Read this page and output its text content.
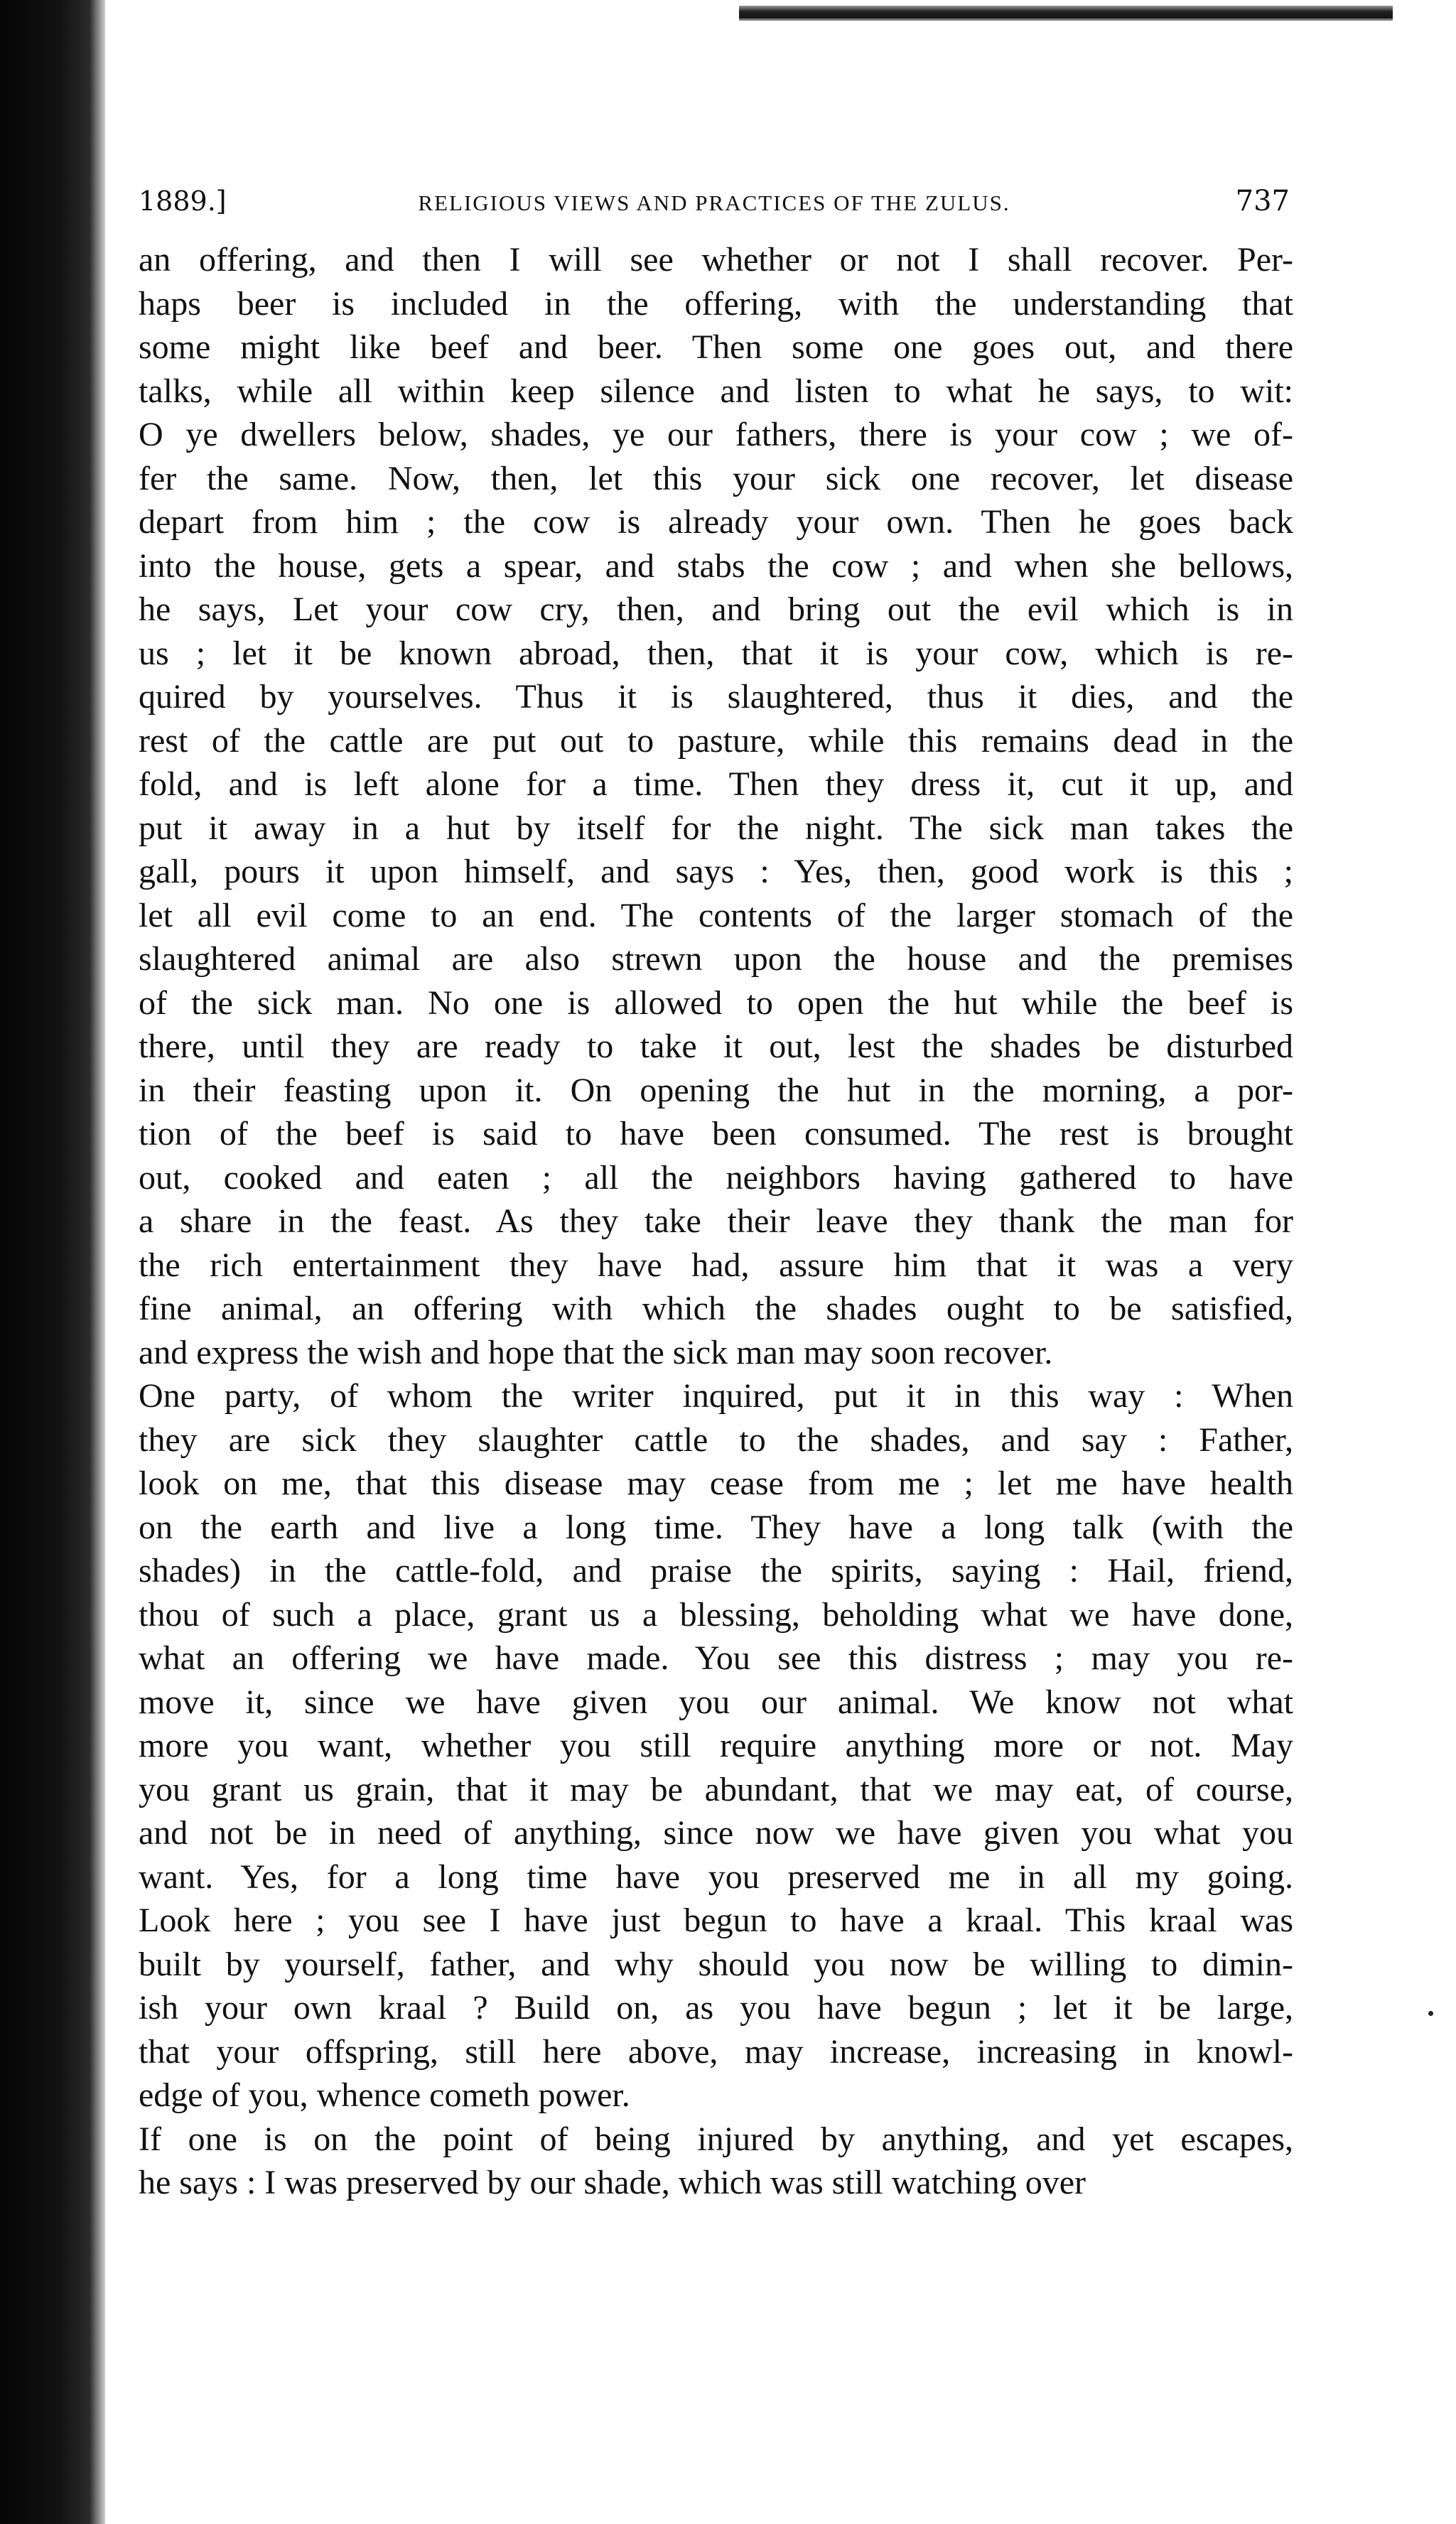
1889.]	RELIGIOUS VIEWS AND PRACTICES OF THE ZULUS.	737
an offering, and then I will see whether or not I shall recover. Per-
haps beer is included in the offering, with the understanding that
some might like beef and beer. Then some one goes out, and there
talks, while all within keep silence and listen to what he says, to wit:
O ye dwellers below, shades, ye our fathers, there is your cow ; we of-
fer the same. Now, then, let this your sick one recover, let disease
depart from him ; the cow is already your own. Then he goes back
into the house, gets a spear, and stabs the cow ; and when she bellows,
he says, Let your cow cry, then, and bring out the evil which is in
us ; let it be known abroad, then, that it is your cow, which is re-
quired by yourselves. Thus it is slaughtered, thus it dies, and the
rest of the cattle are put out to pasture, while this remains dead in the
fold, and is left alone for a time. Then they dress it, cut it up, and
put it away in a hut by itself for the night. The sick man takes the
gall, pours it upon himself, and says : Yes, then, good work is this ;
let all evil come to an end. The contents of the larger stomach of the
slaughtered animal are also strewn upon the house and the premises
of the sick man. No one is allowed to open the hut while the beef is
there, until they are ready to take it out, lest the shades be disturbed
in their feasting upon it. On opening the hut in the morning, a por-
tion of the beef is said to have been consumed. The rest is brought
out, cooked and eaten ; all the neighbors having gathered to have
a share in the feast. As they take their leave they thank the man for
the rich entertainment they have had, assure him that it was a very
fine animal, an offering with which the shades ought to be satisfied,
and express the wish and hope that the sick man may soon recover.
One party, of whom the writer inquired, put it in this way : When
they are sick they slaughter cattle to the shades, and say : Father,
look on me, that this disease may cease from me ; let me have health
on the earth and live a long time. They have a long talk (with the
shades) in the cattle-fold, and praise the spirits, saying : Hail, friend,
thou of such a place, grant us a blessing, beholding what we have done,
what an offering we have made. You see this distress ; may you re-
move it, since we have given you our animal. We know not what
more you want, whether you still require anything more or not. May
you grant us grain, that it may be abundant, that we may eat, of course,
and not be in need of anything, since now we have given you what you
want. Yes, for a long time have you preserved me in all my going.
Look here ; you see I have just begun to have a kraal. This kraal was
built by yourself, father, and why should you now be willing to dimin-
ish your own kraal ? Build on, as you have begun ; let it be large,
that your offspring, still here above, may increase, increasing in knowl-
edge of you, whence cometh power.
If one is on the point of being injured by anything, and yet escapes,
he says : I was preserved by our shade, which was still watching over
